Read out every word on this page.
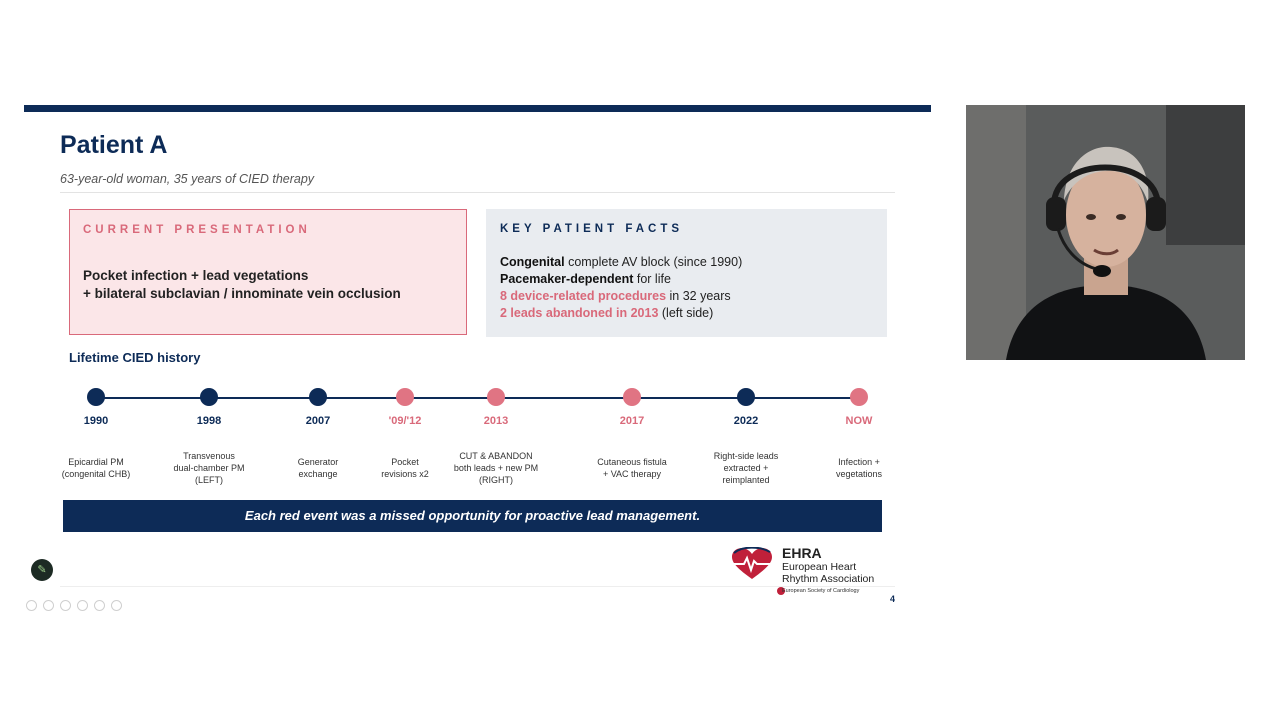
Patient A
63-year-old woman, 35 years of CIED therapy
CURRENT PRESENTATION
Pocket infection + lead vegetations
+ bilateral subclavian / innominate vein occlusion
KEY PATIENT FACTS
Congenital complete AV block (since 1990)
Pacemaker-dependent for life
8 device-related procedures in 32 years
2 leads abandoned in 2013 (left side)
Lifetime CIED history
1990
Epicardial PM
(congenital CHB)
1998
Transvenous
dual-chamber PM
(LEFT)
2007
Generator
exchange
'09/'12
Pocket
revisions x2
2013
CUT & ABANDON
both leads + new PM
(RIGHT)
2017
Cutaneous fistula
+ VAC therapy
2022
Right-side leads
extracted +
reimplanted
NOW
Infection +
vegetations
Each red event was a missed opportunity for proactive lead management.
EHRA
European Heart
Rhythm Association
European Society of Cardiology
4
✎
